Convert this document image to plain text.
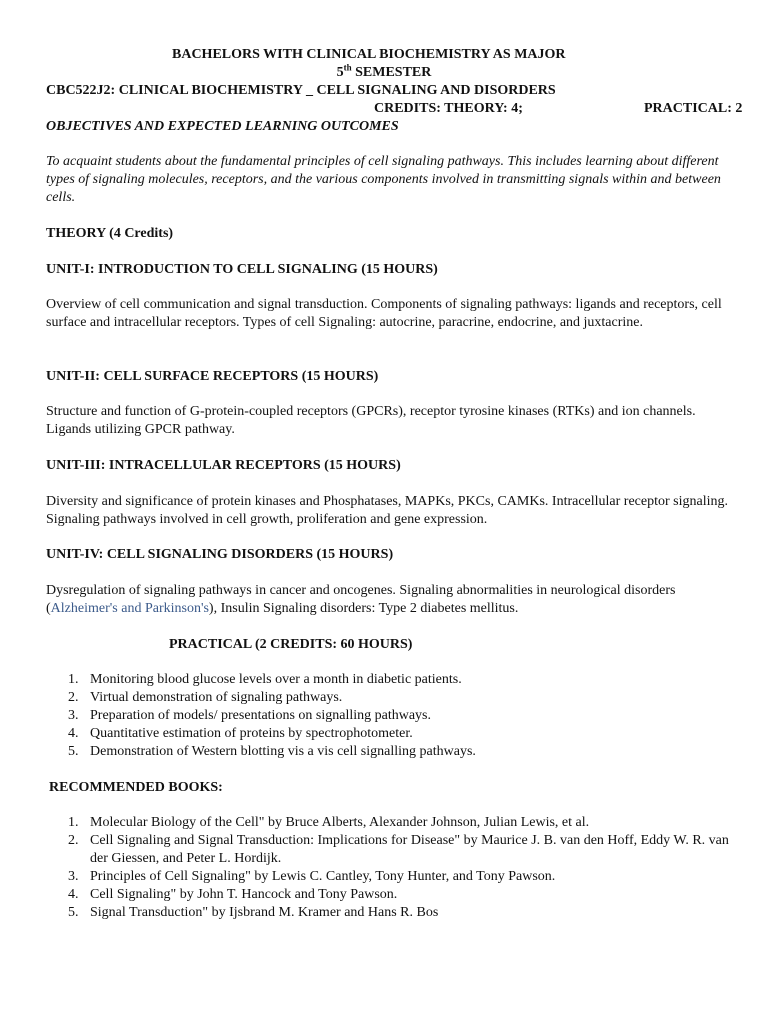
BACHELORS WITH CLINICAL BIOCHEMISTRY AS MAJOR
5th SEMESTER
CBC522J2: CLINICAL BIOCHEMISTRY _ CELL SIGNALING AND DISORDERS
CREDITS: THEORY: 4;	PRACTICAL: 2
OBJECTIVES AND EXPECTED LEARNING OUTCOMES
To acquaint students about the fundamental principles of cell signaling pathways. This includes learning about different types of signaling molecules, receptors, and the various components involved in transmitting signals within and between cells.
THEORY (4 Credits)
UNIT-I: INTRODUCTION TO CELL SIGNALING (15 HOURS)
Overview of cell communication and signal transduction. Components of signaling pathways: ligands and receptors, cell surface and intracellular receptors. Types of cell Signaling: autocrine, paracrine, endocrine, and juxtacrine.
UNIT-II: CELL SURFACE RECEPTORS (15 HOURS)
Structure and function of G-protein-coupled receptors (GPCRs), receptor tyrosine kinases (RTKs) and ion channels. Ligands utilizing GPCR pathway.
UNIT-III: INTRACELLULAR RECEPTORS (15 HOURS)
Diversity and significance of protein kinases and Phosphatases, MAPKs, PKCs, CAMKs. Intracellular receptor signaling. Signaling pathways involved in cell growth, proliferation and gene expression.
UNIT-IV: CELL SIGNALING DISORDERS (15 HOURS)
Dysregulation of signaling pathways in cancer and oncogenes. Signaling abnormalities in neurological disorders (Alzheimer's and Parkinson's), Insulin Signaling disorders: Type 2 diabetes mellitus.
PRACTICAL (2 CREDITS: 60 HOURS)
1. Monitoring blood glucose levels over a month in diabetic patients.
2. Virtual demonstration of signaling pathways.
3. Preparation of models/ presentations on signalling pathways.
4. Quantitative estimation of proteins by spectrophotometer.
5. Demonstration of Western blotting vis a vis cell signalling pathways.
RECOMMENDED BOOKS:
1. Molecular Biology of the Cell" by Bruce Alberts, Alexander Johnson, Julian Lewis, et al.
2. Cell Signaling and Signal Transduction: Implications for Disease" by Maurice J. B. van den Hoff, Eddy W. R. van der Giessen, and Peter L. Hordijk.
3. Principles of Cell Signaling" by Lewis C. Cantley, Tony Hunter, and Tony Pawson.
4. Cell Signaling" by John T. Hancock and Tony Pawson.
5. Signal Transduction" by Ijsbrand M. Kramer and Hans R. Bos
